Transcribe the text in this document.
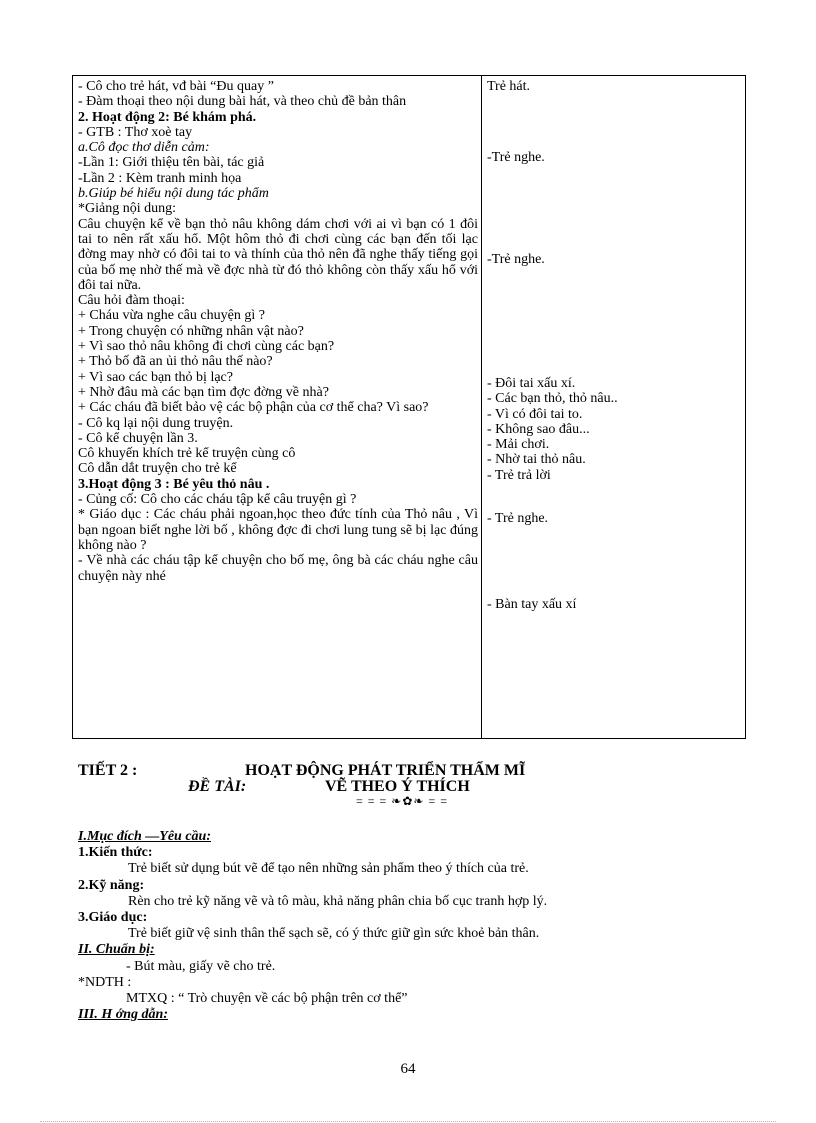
- Cô cho trẻ hát, vđ bài “Đu quay ”
- Đàm thoại theo nội dung bài hát, và theo chủ đề bản thân
2. Hoạt động 2: Bé khám phá.
- GTB : Thơ xoè tay
a.Cô đọc thơ diễn cảm:
-Lần 1: Giới thiệu tên bài, tác giả
-Lần 2 : Kèm tranh minh họa
b.Giúp bé hiểu nội dung tác phẩm
*Giảng nội dung:
Câu chuyện kể về bạn thỏ nâu không dám chơi với ai vì bạn có 1 đôi tai to nên rất xấu hổ. Một hôm thỏ đi chơi cùng các bạn đến tối lạc đờng may nhờ có đôi tai to và thính của thỏ nên đã nghe thấy tiếng gọi của bố mẹ nhờ thế mà về đợc nhà từ đó thỏ không còn thấy xấu hổ với đôi tai nữa.
Câu hỏi đàm thoại:
+ Cháu vừa nghe câu chuyện gì ?
+ Trong chuyện có những nhân vật nào?
+ Vì sao thỏ nâu không đi chơi cùng các bạn?
+ Thỏ bố đã an ủi thỏ nâu thế nào?
+ Vì sao các bạn thỏ bị lạc?
+ Nhờ đâu mà các bạn tìm đợc đờng về nhà?
+ Các cháu đã biết bảo vệ các bộ phận của cơ thể cha? Vì sao?
- Cô kq lại nội dung truyện.
- Cô kể chuyện lần 3.
Cô khuyến khích trẻ kể truyện cùng cô
Cô dẫn dắt truyện cho trẻ kể
3.Hoạt động 3 : Bé yêu thỏ nâu .
- Củng cố: Cô cho các cháu tập kể câu truyện gì ?
* Giáo dục : Các cháu phải ngoan,học theo đức tính của Thỏ nâu , Vì bạn ngoan biết nghe lời bố , không đợc đi chơi lung tung sẽ bị lạc đúng không nào ?
- Về nhà các cháu tập kể chuyện cho bố mẹ, ông bà các cháu nghe câu chuyện này nhé
Trẻ hát.
-Trẻ nghe.
-Trẻ nghe.
- Đôi tai xấu xí.
- Các bạn thỏ, thỏ nâu..
- Vì có đôi tai to.
- Không sao đâu...
- Mải chơi.
- Nhờ tai thỏ nâu.
- Trẻ trả lời
- Trẻ nghe.
- Bàn tay xấu xí
TIẾT 2 :	HOẠT ĐỘNG PHÁT TRIỂN THẨM MĨ
ĐỀ TÀI:	VẼ THEO Ý THÍCH
= = = ❧✿❧ = =
I.Mục đích —Yêu cầu:
1.Kiến thức:
Trẻ biết sử dụng bút vẽ để tạo nên những sản phẩm theo ý thích của trẻ.
2.Kỹ năng:
Rèn cho trẻ kỹ năng vẽ và tô màu, khả năng phân chia bố cục tranh hợp lý.
3.Giáo dục:
Trẻ biết giữ vệ sinh thân thể sạch sẽ, có ý thức giữ gìn sức khoẻ bản thân.
II. Chuẩn bị:
- Bút màu, giấy vẽ cho trẻ.
*NDTH :
MTXQ : “ Trò chuyện về các bộ phận trên cơ thể”
III. H ớng dẫn:
64
